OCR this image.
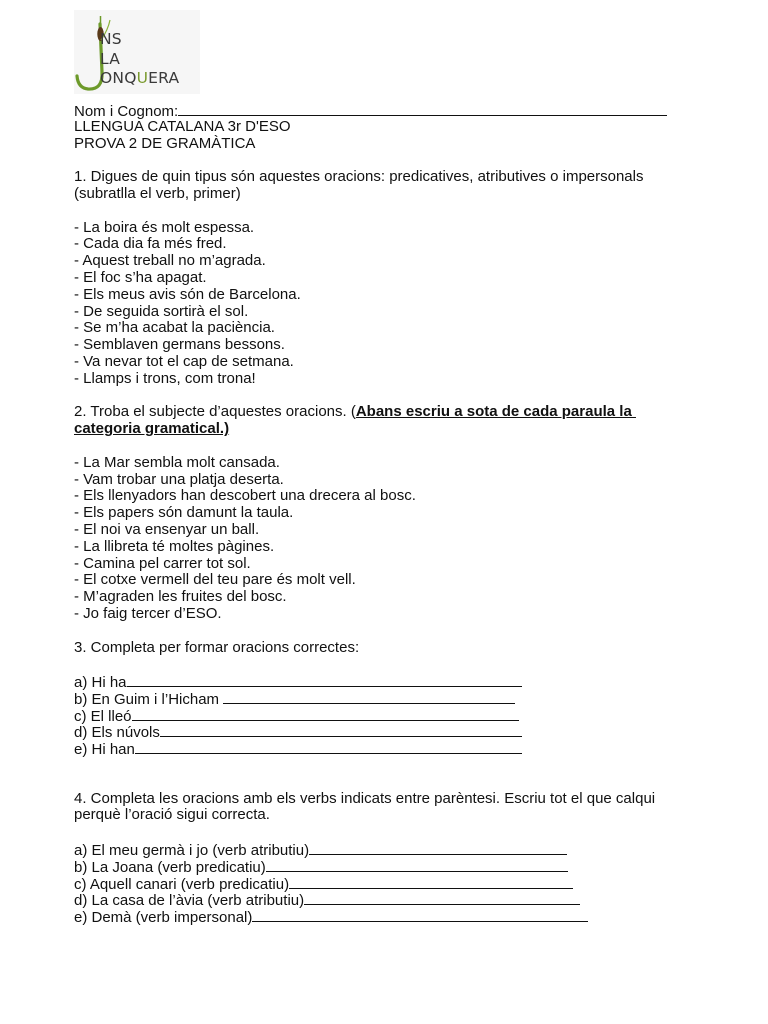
NS
LA
ONQUERA
Nom i Cognom:
LLENGUA CATALANA 3r D'ESO
PROVA 2 DE GRAMÀTICA
1. Digues de quin tipus són aquestes oracions: predicatives, atributives o impersonals
(subratlla el verb, primer)
- La boira és molt espessa.
- Cada dia fa més fred.
- Aquest treball no m’agrada.
- El foc s’ha apagat.
- Els meus avis són de Barcelona.
- De seguida sortirà el sol.
- Se m’ha acabat la paciència.
- Semblaven germans bessons.
- Va nevar tot el cap de setmana.
- Llamps i trons, com trona!
2. Troba el subjecte d’aquestes oracions. (Abans escriu a sota de cada paraula la
categoria gramatical.)
- La Mar sembla molt cansada.
- Vam trobar una platja deserta.
- Els llenyadors han descobert una drecera al bosc.
- Els papers són damunt la taula.
- El noi va ensenyar un ball.
- La llibreta té moltes pàgines.
- Camina pel carrer tot sol.
- El cotxe vermell del teu pare és molt vell.
- M’agraden les fruites del bosc.
- Jo faig tercer d’ESO.
3. Completa per formar oracions correctes:
a) Hi ha
b) En Guim i l’Hicham
c) El lleó
d) Els núvols
e) Hi han
4. Completa les oracions amb els verbs indicats entre parèntesi. Escriu tot el que calqui
perquè l’oració sigui correcta.
a) El meu germà i jo (verb atributiu)
b) La Joana (verb predicatiu)
c) Aquell canari (verb predicatiu)
d) La casa de l’àvia (verb atributiu)
e) Demà (verb impersonal)
